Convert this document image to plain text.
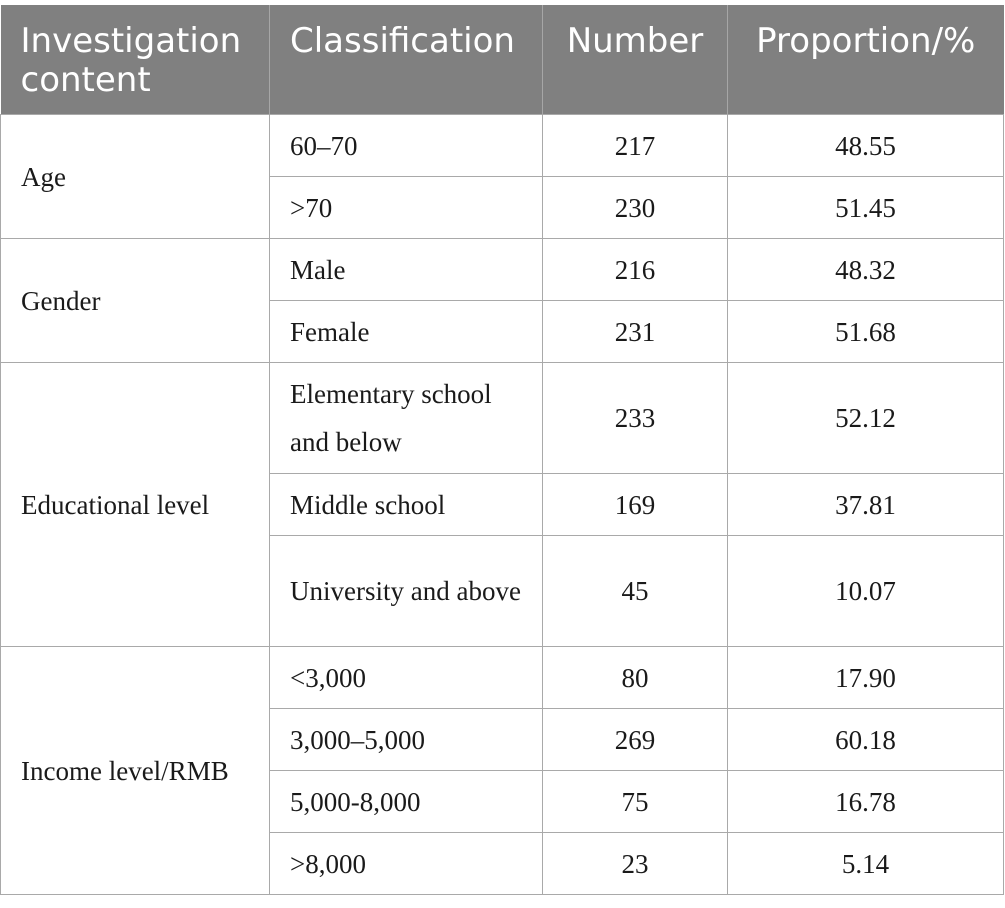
Investigation content	Classification	Number	Proportion/%
Age	60–70	217	48.55
	>70	230	51.45
Gender	Male	216	48.32
	Female	231	51.68
Educational level	Elementary school and below	233	52.12
	Middle school	169	37.81
	University and above	45	10.07
Income level/RMB	<3,000	80	17.90
	3,000–5,000	269	60.18
	5,000-8,000	75	16.78
	>8,000	23	5.14
